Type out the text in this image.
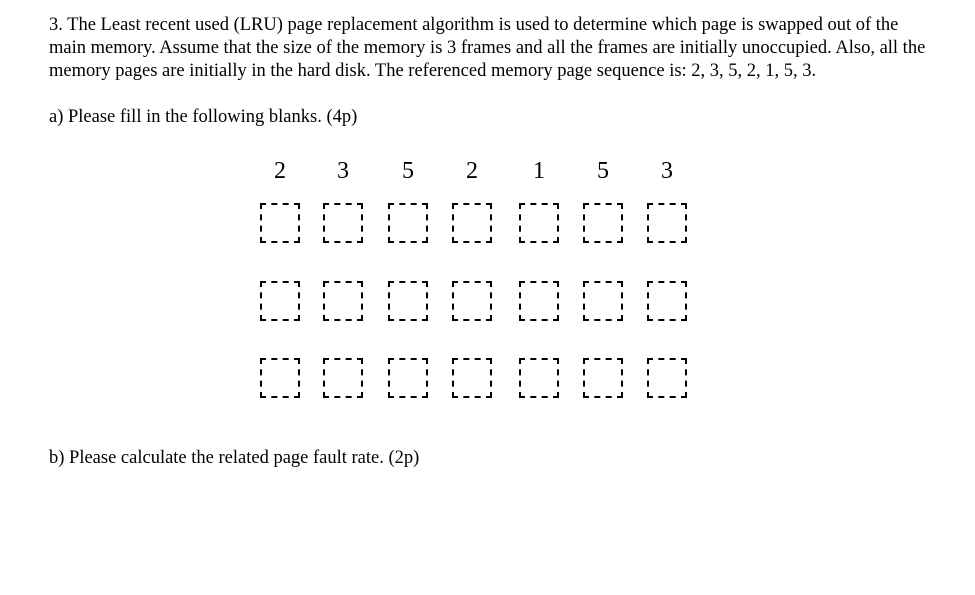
3. The Least recent used (LRU) page replacement algorithm is used to determine which page is swapped out of the main memory. Assume that the size of the memory is 3 frames and all the frames are initially unoccupied. Also, all the memory pages are initially in the hard disk. The referenced memory page sequence is: 2, 3, 5, 2, 1, 5, 3.

a) Please fill in the following blanks. (4p)

2	3	5	2	1	5	3

b) Please calculate the related page fault rate. (2p)
